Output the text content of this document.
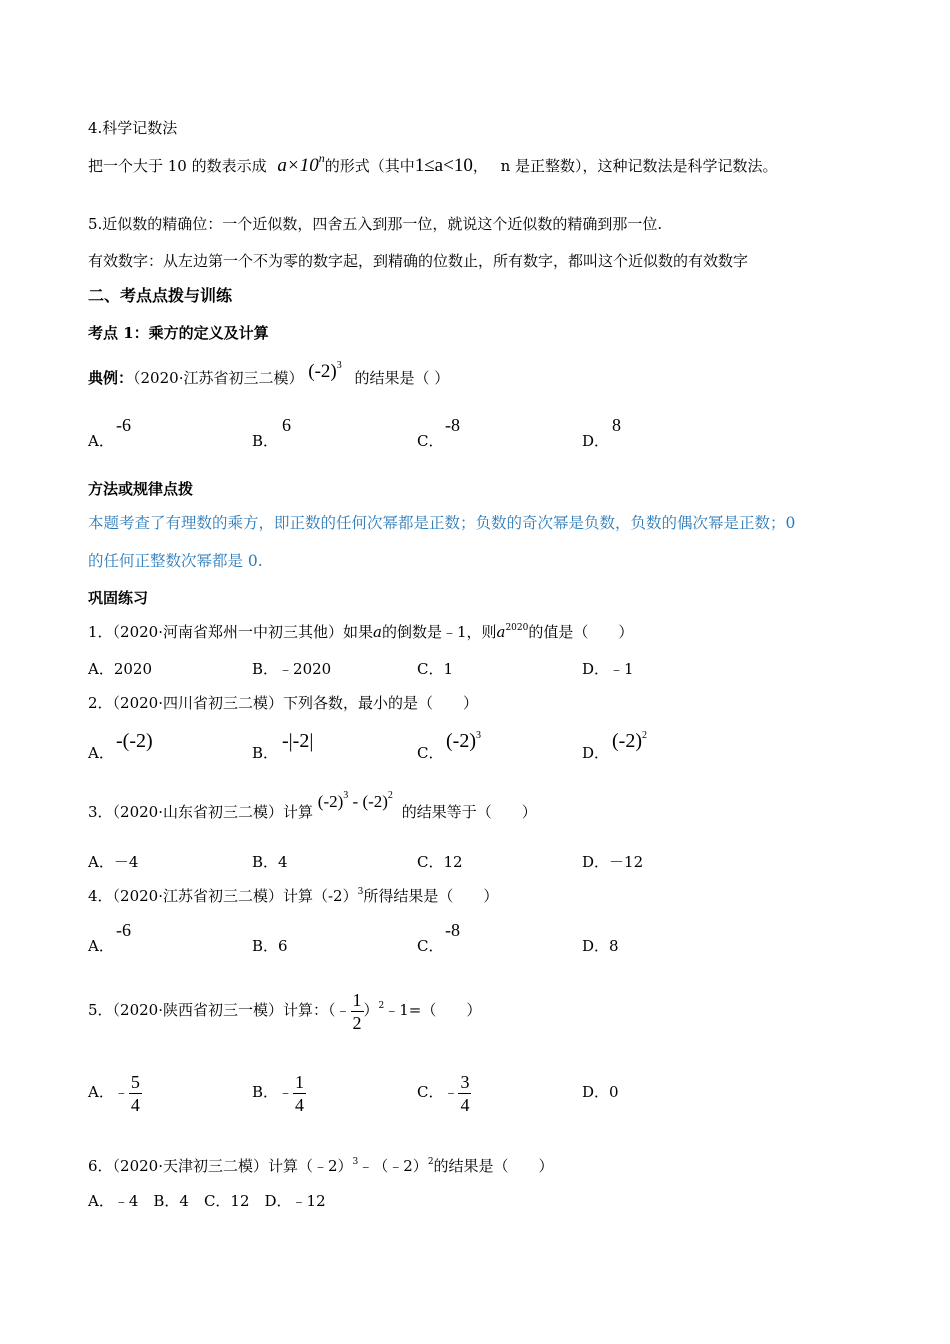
4.科学记数法
把一个大于 10 的数表示成 $a\times 10^n$的形式（其中1≤a<10， n 是正整数），这种记数法是科学记数法。
5.近似数的精确位：一个近似数，四舍五入到那一位，就说这个近似数的精确到那一位.
有效数字：从左边第一个不为零的数字起，到精确的位数止，所有数字，都叫这个近似数的有效数字
二、考点点拨与训练
考点 1：乘方的定义及计算
典例：（2020·江苏省初三二模） $(-2)^3$ 的结果是（ ）
A．
-6
B．
6
C．
-8
D．
8
方法或规律点拨
本题考查了有理数的乘方，即正数的任何次幂都是正数；负数的奇次幂是负数，负数的偶次幂是正数；0
的任何正整数次幂都是 0.
巩固练习
1．（2020·河南省郑州一中初三其他）如果a的倒数是﹣1，则$a^{2020}$的值是（　　）
A．2020	B．﹣2020	C．1	D．﹣1
2．（2020·四川省初三二模）下列各数，最小的是（　　）
A．
-(-2)
B．
-|-2|
C．
$(-2)^3$
D．
$(-2)^2$
3．（2020·山东省初三二模）计算 $(-2)^3 - (-2)^2$ 的结果等于（　　）
A．－4	B．4	C．12	D．－12
4．（2020·江苏省初三二模）计算$(-2)^3$所得结果是（　　）
A．
-6
B．6	C．
-8
D．8
5．（2020·陕西省初三一模）计算：（﹣ $\frac{1}{2}$ ）$^2$﹣1=（　　）
A．﹣ $\frac{5}{4}$	B．﹣ $\frac{1}{4}$	C．﹣ $\frac{3}{4}$	D．0
6．（2020·天津初三二模）计算（﹣2）$^3$﹣（﹣2）$^2$的结果是（　　）
A．﹣4　B．4　C．12　D．﹣12
